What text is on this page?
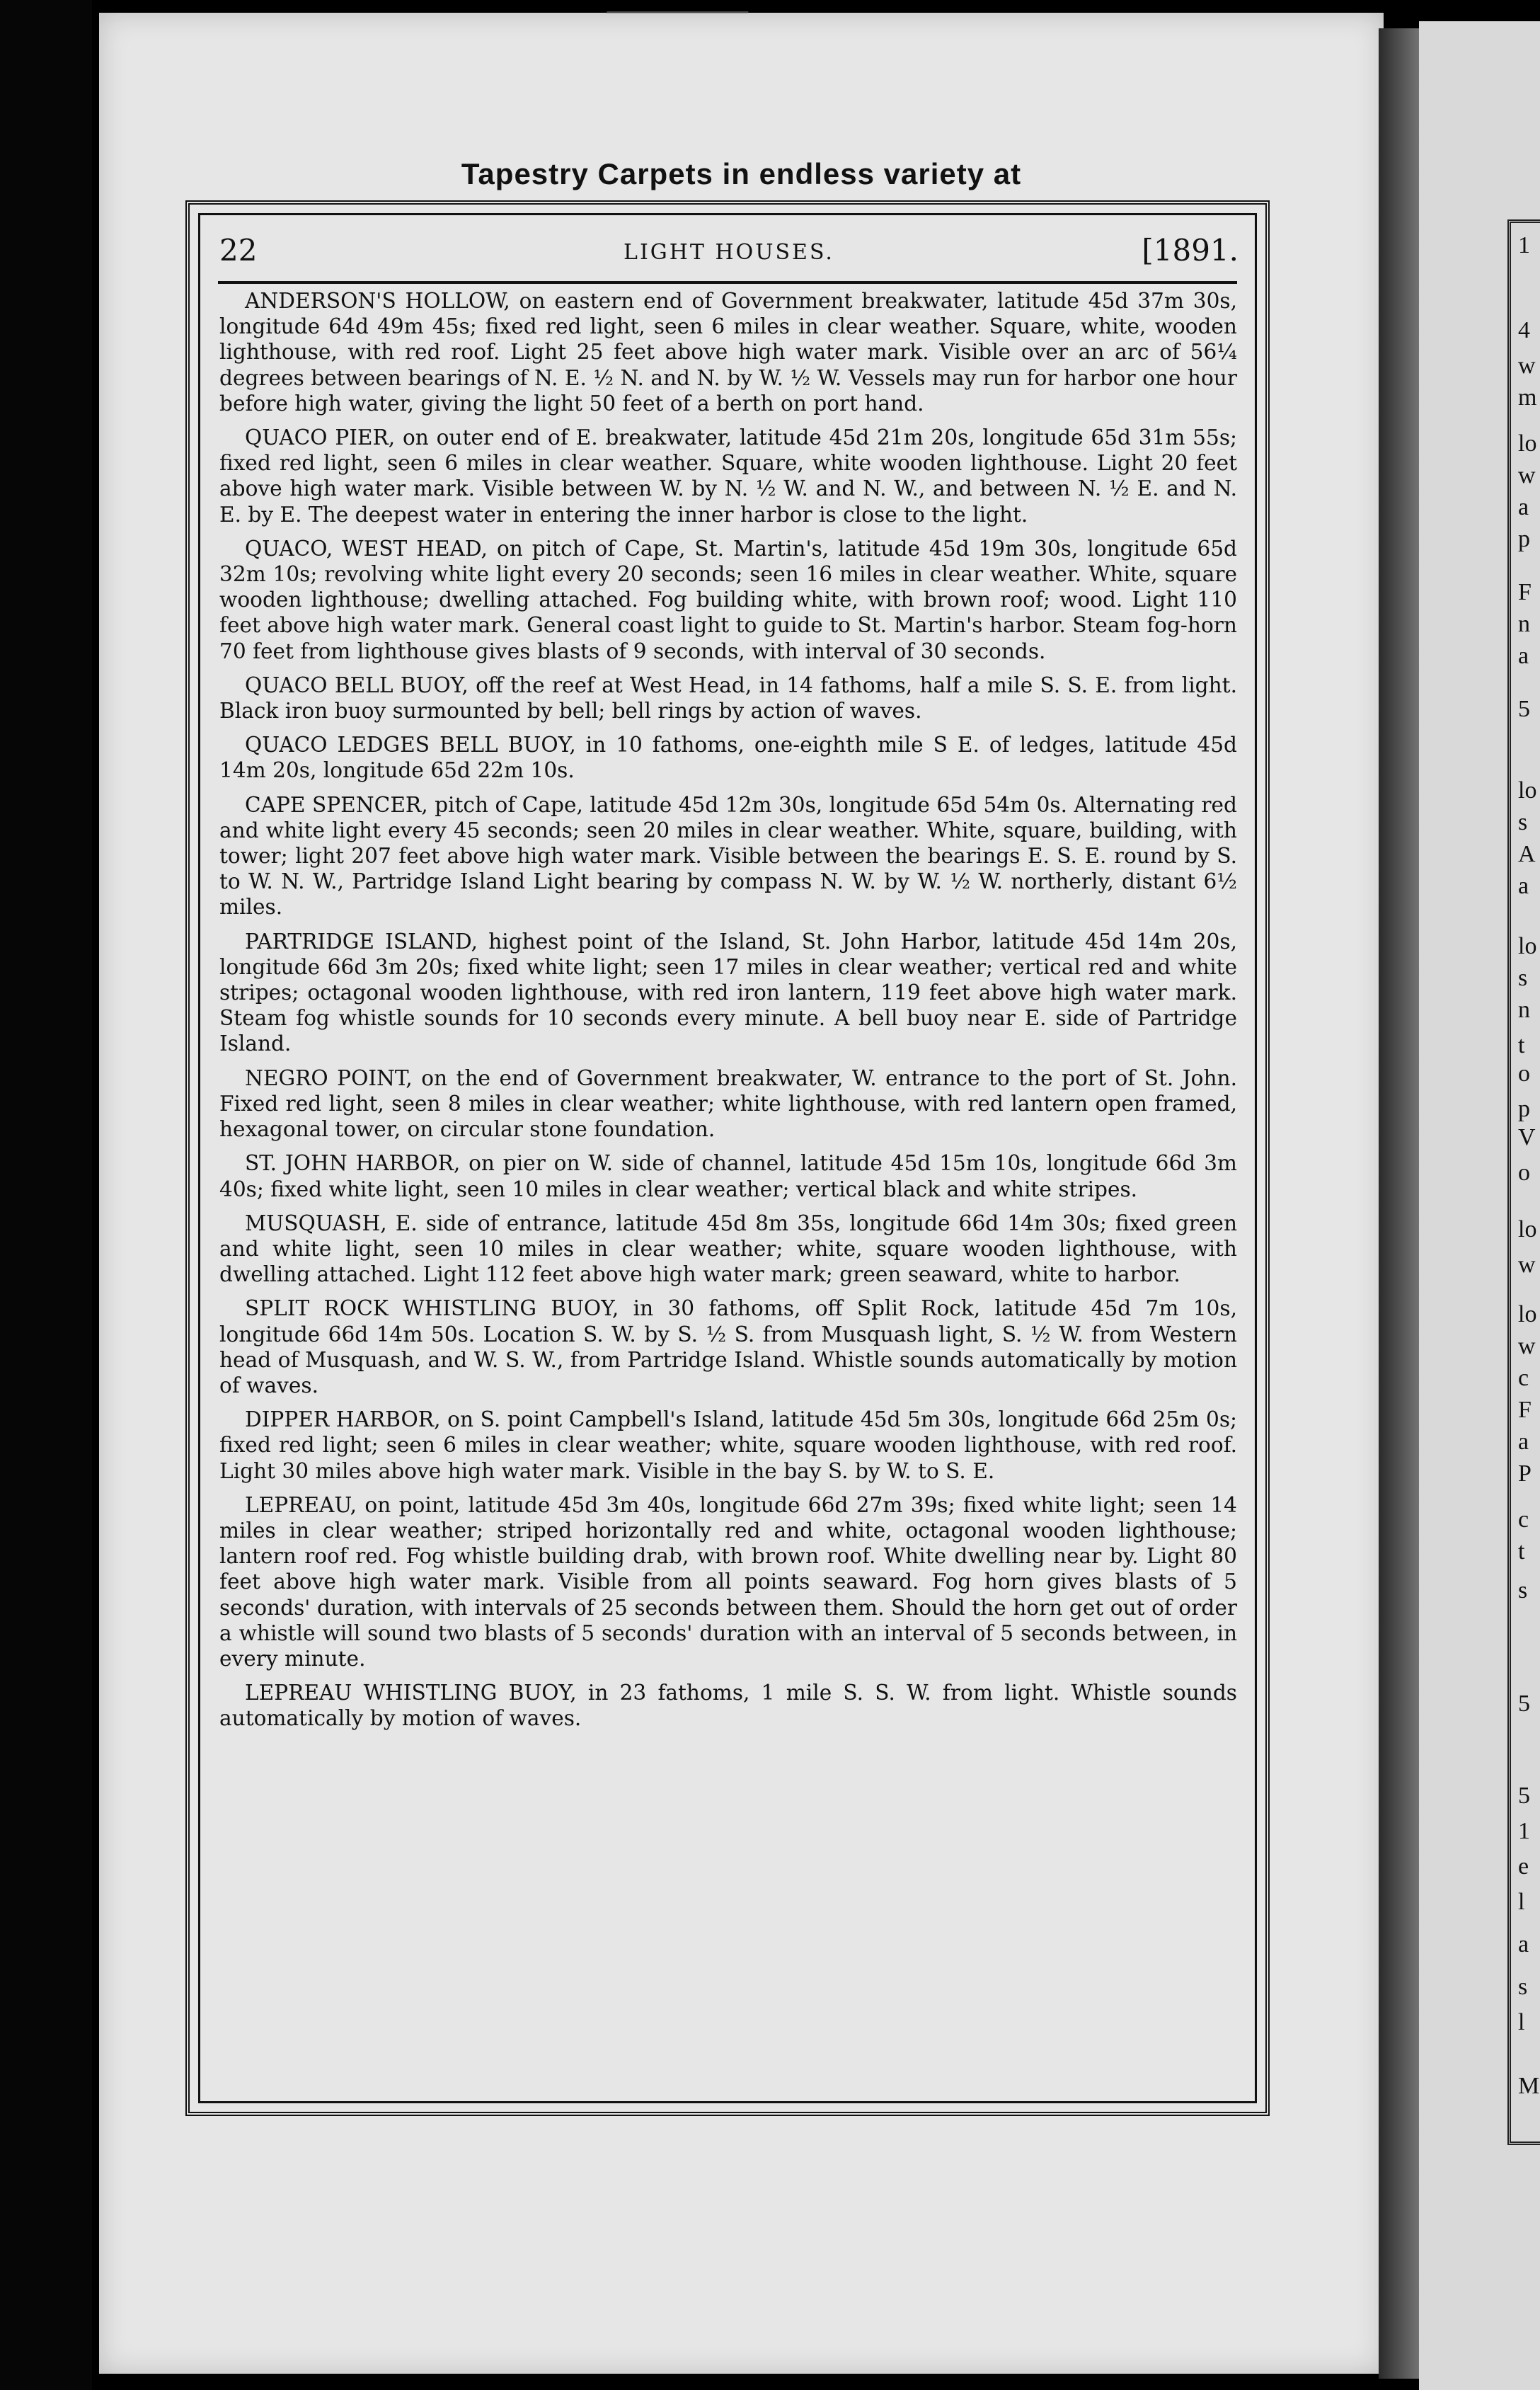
1
4
w
m
lo
w
a
p
F
n
a
5
lo
s
A
a
lo
s
n
t
o
p
V
o
lo
w
lo
w
c
F
a
P
c
t
s
5
5
1
e
l
a
s
l
M
Tapestry Carpets in endless variety at
22	LIGHT HOUSES.	[1891.

ANDERSON'S HOLLOW, on eastern end of Government breakwater, latitude 45d 37m 30s, longitude 64d 49m 45s; fixed red light, seen 6 miles in clear weather. Square, white, wooden lighthouse, with red roof. Light 25 feet above high water mark. Visible over an arc of 56¼ degrees between bearings of N. E. ½ N. and N. by W. ½ W. Vessels may run for harbor one hour before high water, giving the light 50 feet of a berth on port hand.

QUACO PIER, on outer end of E. breakwater, latitude 45d 21m 20s, longitude 65d 31m 55s; fixed red light, seen 6 miles in clear weather. Square, white wooden lighthouse. Light 20 feet above high water mark. Visible between W. by N. ½ W. and N. W., and between N. ½ E. and N. E. by E. The deepest water in entering the inner harbor is close to the light.

QUACO, WEST HEAD, on pitch of Cape, St. Martin's, latitude 45d 19m 30s, longitude 65d 32m 10s; revolving white light every 20 seconds; seen 16 miles in clear weather. White, square wooden lighthouse; dwelling attached. Fog building white, with brown roof; wood. Light 110 feet above high water mark. General coast light to guide to St. Martin's harbor. Steam fog-horn 70 feet from lighthouse gives blasts of 9 seconds, with interval of 30 seconds.

QUACO BELL BUOY, off the reef at West Head, in 14 fathoms, half a mile S. S. E. from light. Black iron buoy surmounted by bell; bell rings by action of waves.

QUACO LEDGES BELL BUOY, in 10 fathoms, one-eighth mile S E. of ledges, latitude 45d 14m 20s, longitude 65d 22m 10s.

CAPE SPENCER, pitch of Cape, latitude 45d 12m 30s, longitude 65d 54m 0s. Alternating red and white light every 45 seconds; seen 20 miles in clear weather. White, square, building, with tower; light 207 feet above high water mark. Visible between the bearings E. S. E. round by S. to W. N. W., Partridge Island Light bearing by compass N. W. by W. ½ W. northerly, distant 6½ miles.

PARTRIDGE ISLAND, highest point of the Island, St. John Harbor, latitude 45d 14m 20s, longitude 66d 3m 20s; fixed white light; seen 17 miles in clear weather; vertical red and white stripes; octagonal wooden lighthouse, with red iron lantern, 119 feet above high water mark. Steam fog whistle sounds for 10 seconds every minute. A bell buoy near E. side of Partridge Island.

NEGRO POINT, on the end of Government breakwater, W. entrance to the port of St. John. Fixed red light, seen 8 miles in clear weather; white lighthouse, with red lantern open framed, hexagonal tower, on circular stone foundation.

ST. JOHN HARBOR, on pier on W. side of channel, latitude 45d 15m 10s, longitude 66d 3m 40s; fixed white light, seen 10 miles in clear weather; vertical black and white stripes.

MUSQUASH, E. side of entrance, latitude 45d 8m 35s, longitude 66d 14m 30s; fixed green and white light, seen 10 miles in clear weather; white, square wooden lighthouse, with dwelling attached. Light 112 feet above high water mark; green seaward, white to harbor.

SPLIT ROCK WHISTLING BUOY, in 30 fathoms, off Split Rock, latitude 45d 7m 10s, longitude 66d 14m 50s. Location S. W. by S. ½ S. from Musquash light, S. ½ W. from Western head of Musquash, and W. S. W., from Partridge Island. Whistle sounds automatically by motion of waves.

DIPPER HARBOR, on S. point Campbell's Island, latitude 45d 5m 30s, longitude 66d 25m 0s; fixed red light; seen 6 miles in clear weather; white, square wooden lighthouse, with red roof. Light 30 miles above high water mark. Visible in the bay S. by W. to S. E.

LEPREAU, on point, latitude 45d 3m 40s, longitude 66d 27m 39s; fixed white light; seen 14 miles in clear weather; striped horizontally red and white, octagonal wooden lighthouse; lantern roof red. Fog whistle building drab, with brown roof. White dwelling near by. Light 80 feet above high water mark. Visible from all points seaward. Fog horn gives blasts of 5 seconds' duration, with intervals of 25 seconds between them. Should the horn get out of order a whistle will sound two blasts of 5 seconds' duration with an interval of 5 seconds between, in every minute.

LEPREAU WHISTLING BUOY, in 23 fathoms, 1 mile S. S. W. from light. Whistle sounds automatically by motion of waves.
